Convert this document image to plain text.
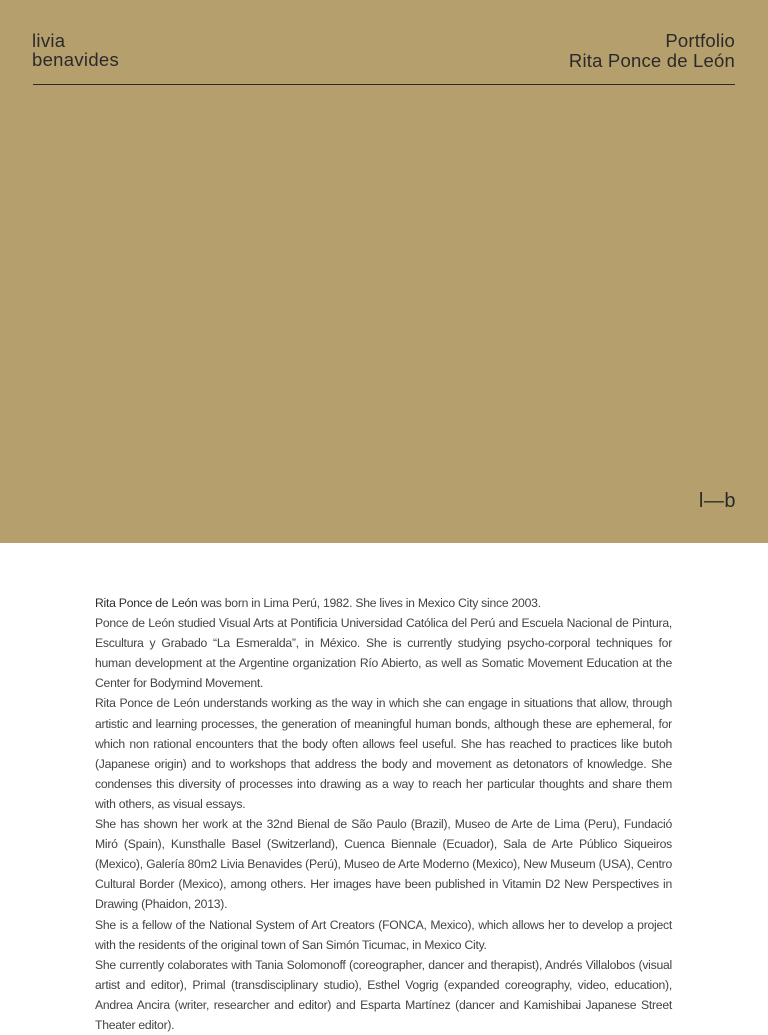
livia
benavides
Portfolio
Rita Ponce de León
l—b

Rita Ponce de León was born in Lima Perú, 1982. She lives in Mexico City since 2003.

Ponce de León studied Visual Arts at Pontificia Universidad Católica del Perú and Escuela Nacional de Pintura, Escultura y Grabado “La Esmeralda”, in México. She is currently studying psycho-corporal techniques for human development at the Argentine organization Río Abierto, as well as Somatic Movement Education at the Center for Bodymind Movement.

Rita Ponce de León understands working as the way in which she can engage in situations that allow, through artistic and learning processes, the generation of meaningful human bonds, although these are ephemeral, for which non rational encounters that the body often allows feel useful. She has reached to practices like butoh (Japanese origin) and to workshops that address the body and movement as detonators of knowledge. She condenses this diversity of processes into drawing as a way to reach her particular thoughts and share them with others, as visual essays.

She has shown her work at the 32nd Bienal de São Paulo (Brazil), Museo de Arte de Lima (Peru), Fundació Miró (Spain), Kunsthalle Basel (Switzerland), Cuenca Biennale (Ecuador), Sala de Arte Público Siqueiros (Mexico), Galería 80m2 Livia Benavides (Perú), Museo de Arte Moderno (Mexico), New Museum (USA), Centro Cultural Border (Mexico), among others. Her images have been published in Vitamin D2 New Perspectives in Drawing (Phaidon, 2013).

She is a fellow of the National System of Art Creators (FONCA, Mexico), which allows her to develop a project with the residents of the original town of San Simón Ticumac, in Mexico City.

She currently colaborates with Tania Solomonoff (coreographer, dancer and therapist), Andrés Villalobos (visual artist and editor), Primal (transdisciplinary studio), Esthel Vogrig (expanded coreography, video, education), Andrea Ancira (writer, researcher and editor) and Esparta Martínez (dancer and Kamishibai Japanese Street Theater editor).
